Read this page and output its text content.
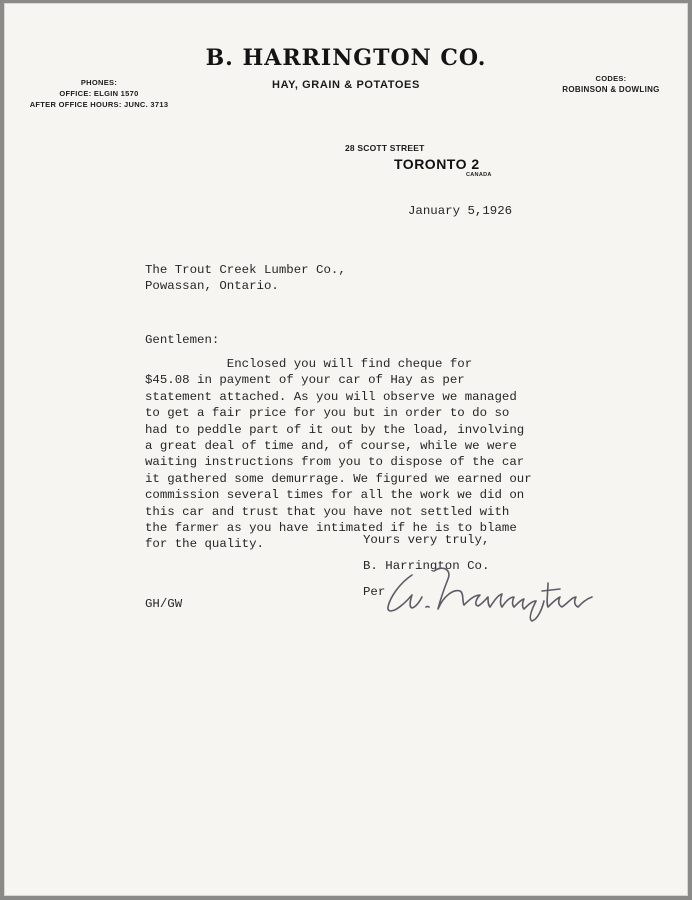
B. HARRINGTON CO.
HAY, GRAIN & POTATOES
PHONES:
OFFICE: ELGIN 1570
AFTER OFFICE HOURS: JUNC. 3713
CODES:
ROBINSON & DOWLING
28 SCOTT STREET
TORONTO 2
CANADA
January 5,1926
The Trout Creek Lumber Co.,
Powassan, Ontario.
Gentlemen:
Enclosed you will find cheque for
$45.08 in payment of your car of Hay as per
statement attached. As you will observe we managed
to get a fair price for you but in order to do so
had to peddle part of it out by the load, involving
a great deal of time and, of course, while we were
waiting instructions from you to dispose of the car
it gathered some demurrage. We figured we earned our
commission several times for all the work we did on
this car and trust that you have not settled with
the farmer as you have intimated if he is to blame
for the quality.

	Yours very truly,

B. Harrington Co.

Per

GH/GW
